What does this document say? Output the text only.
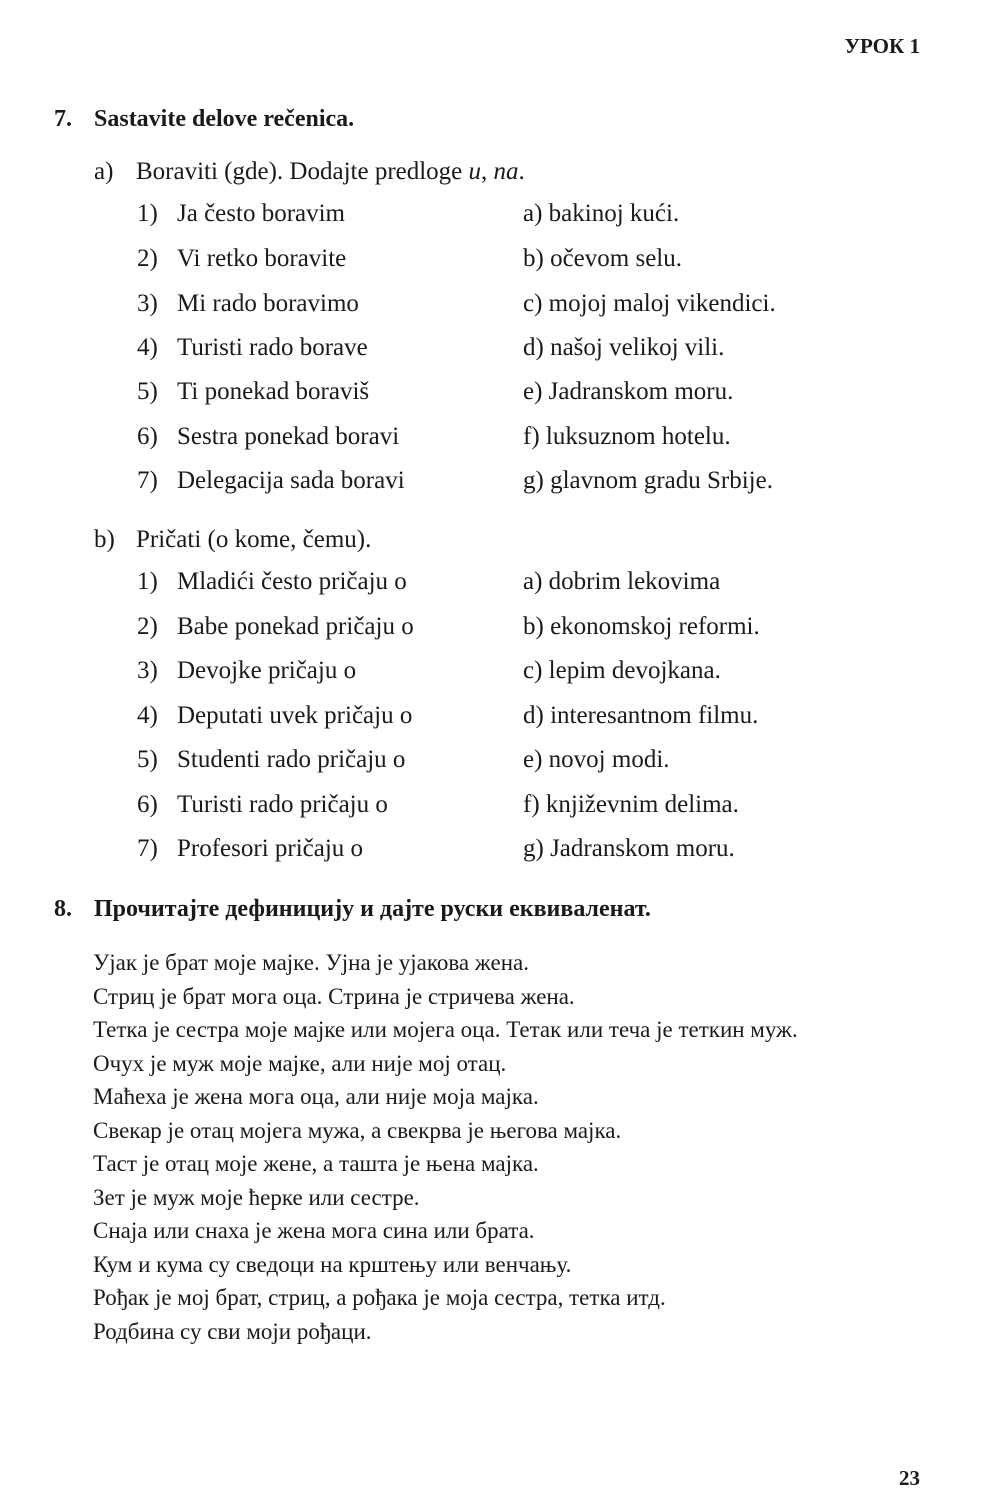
УРОК 1
7. Sastavite delove rečenica.
a) Boraviti (gde). Dodajte predloge u, na.
1) Ja često boravim	a) bakinoj kući.
2) Vi retko boravite	b) očevom selu.
3) Mi rado boravimo	c) mojoj maloj vikendici.
4) Turisti rado borave	d) našoj velikoj vili.
5) Ti ponekad boraviš	e) Jadranskom moru.
6) Sestra ponekad boravi	f) luksuznom hotelu.
7) Delegacija sada boravi	g) glavnom gradu Srbije.
b) Pričati (o kome, čemu).
1) Mladići često pričaju o	a) dobrim lekovima
2) Babe ponekad pričaju o	b) ekonomskoj reformi.
3) Devojke pričaju o	c) lepim devojkana.
4) Deputati uvek pričaju o	d) interesantnom filmu.
5) Studenti rado pričaju o	e) novoj modi.
6) Turisti rado pričaju o	f) književnim delima.
7) Profesori pričaju o	g) Jadranskom moru.
8. Прочитајте дефиницију и дајте руски еквиваленат.

Ујак је брат моје мајке. Ујна је ујакова жена.

Стриц је брат мога оца. Стрина је стричева жена.

Тетка је сестра моје мајке или мојега оца. Тетак или теча је теткин муж.

Очух је муж моје мајке, али није мој отац.

Маћеха је жена мога оца, али није моја мајка.

Свекар је отац мојега мужа, а свекрва је његова мајка.

Таст је отац моје жене, а ташта је њена мајка.

Зет је муж моје ћерке или сестре.

Снаја или снаха је жена мога сина или брата.

Кум и кума су сведоци на крштењу или венчању.

Рођак је мој брат, стриц, а рођака је моја сестра, тетка итд.

Родбина су сви моји рођаци.

23
